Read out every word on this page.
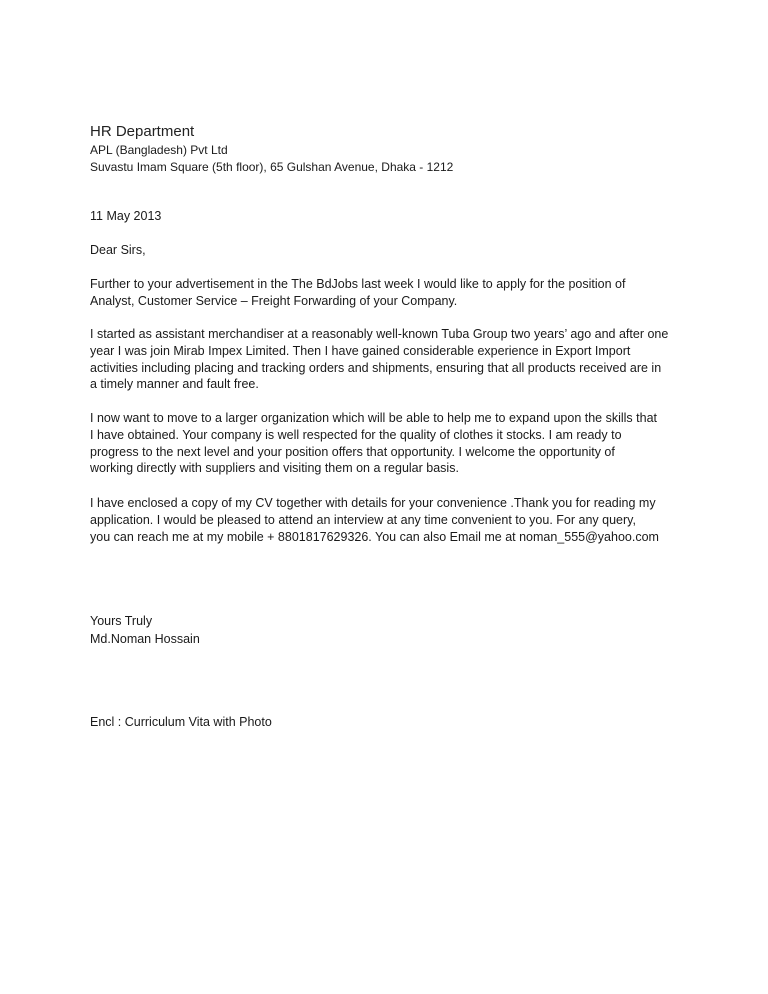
HR Department
APL (Bangladesh) Pvt Ltd
Suvastu Imam Square (5th floor), 65 Gulshan Avenue, Dhaka - 1212
11 May 2013
Dear Sirs,
Further to your advertisement in the The BdJobs last week I would like to apply for the position of
Analyst, Customer Service – Freight Forwarding of your Company.
I started as assistant merchandiser at a reasonably well-known Tuba Group two years’ ago and after one
year I was join Mirab Impex Limited. Then I have gained considerable experience in Export Import
activities including placing and tracking orders and shipments, ensuring that all products received are in
a timely manner and fault free.
I now want to move to a larger organization which will be able to help me to expand upon the skills that
I have obtained. Your company is well respected for the quality of clothes it stocks. I am ready to
progress to the next level and your position offers that opportunity. I welcome the opportunity of
working directly with suppliers and visiting them on a regular basis.
I have enclosed a copy of my CV together with details for your convenience .Thank you for reading my
application. I would be pleased to attend an interview at any time convenient to you. For any query,
you can reach me at my mobile + 8801817629326. You can also Email me at noman_555@yahoo.com
Yours Truly
Md.Noman Hossain
Encl : Curriculum Vita with Photo
